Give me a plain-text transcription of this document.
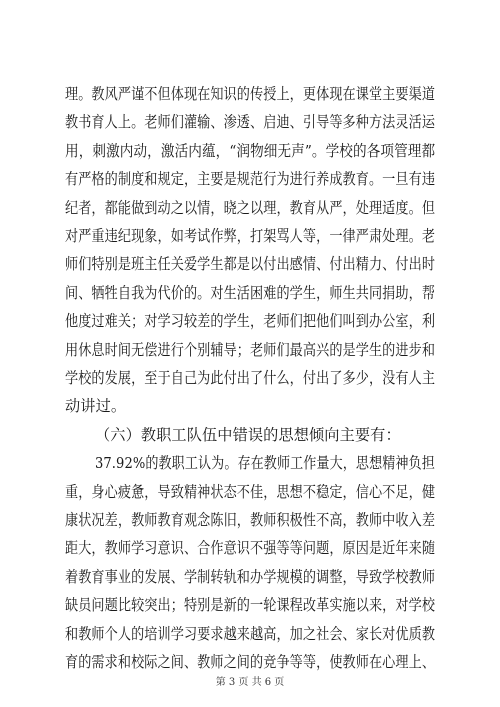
理。教风严谨不但体现在知识的传授上，更体现在课堂主要渠道
教书育人上。老师们灌输、渗透、启迪、引导等多种方法灵活运
用，刺激内动，激活内蕴，“润物细无声”。学校的各项管理都
有严格的制度和规定，主要是规范行为进行养成教育。一旦有违
纪者，都能做到动之以情，晓之以理，教育从严，处理适度。但
对严重违纪现象，如考试作弊，打架骂人等，一律严肃处理。老
师们特别是班主任关爱学生都是以付出感情、付出精力、付出时
间、牺牲自我为代价的。对生活困难的学生，师生共同捐助，帮
他度过难关；对学习较差的学生，老师们把他们叫到办公室，利
用休息时间无偿进行个别辅导；老师们最高兴的是学生的进步和
学校的发展，至于自己为此付出了什么，付出了多少，没有人主
动讲过。
（六）教职工队伍中错误的思想倾向主要有：
37.92%的教职工认为。存在教师工作量大，思想精神负担
重，身心疲惫，导致精神状态不佳，思想不稳定，信心不足，健
康状况差，教师教育观念陈旧，教师积极性不高，教师中收入差
距大，教师学习意识、合作意识不强等等问题，原因是近年来随
着教育事业的发展、学制转轨和办学规模的调整，导致学校教师
缺员问题比较突出；特别是新的一轮课程改革实施以来，对学校
和教师个人的培训学习要求越来越高，加之社会、家长对优质教
育的需求和校际之间、教师之间的竞争等等，使教师在心理上、
第 3 页 共 6 页
